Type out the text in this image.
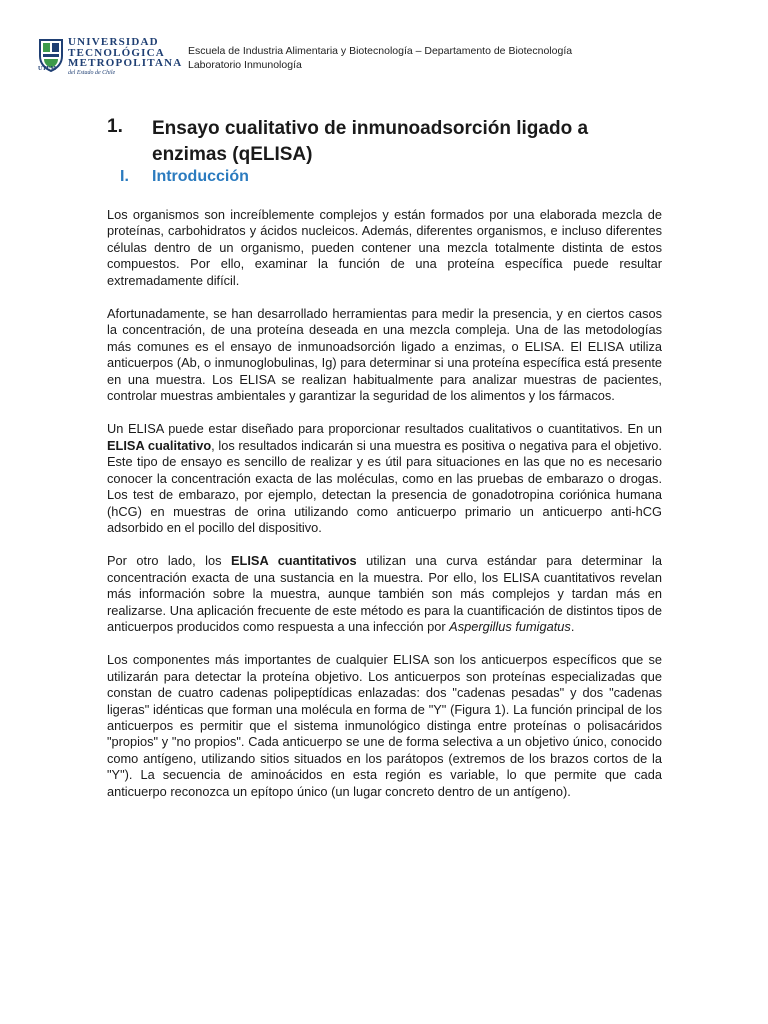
UNIVERSIDAD
TECNOLÓGICA
METROPOLITANA
del Estado de Chile
UTEM
Escuela de Industria Alimentaria y Biotecnología – Departamento de Biotecnología
Laboratorio Inmunología
1. Ensayo cualitativo de inmunoadsorción ligado a enzimas (qELISA)
I. Introducción

Los organismos son increíblemente complejos y están formados por una elaborada mezcla de proteínas, carbohidratos y ácidos nucleicos. Además, diferentes organismos, e incluso diferentes células dentro de un organismo, pueden contener una mezcla totalmente distinta de estos compuestos. Por ello, examinar la función de una proteína específica puede resultar extremadamente difícil.

Afortunadamente, se han desarrollado herramientas para medir la presencia, y en ciertos casos la concentración, de una proteína deseada en una mezcla compleja. Una de las metodologías más comunes es el ensayo de inmunoadsorción ligado a enzimas, o ELISA. El ELISA utiliza anticuerpos (Ab, o inmunoglobulinas, Ig) para determinar si una proteína específica está presente en una muestra. Los ELISA se realizan habitualmente para analizar muestras de pacientes, controlar muestras ambientales y garantizar la seguridad de los alimentos y los fármacos.

Un ELISA puede estar diseñado para proporcionar resultados cualitativos o cuantitativos. En un ELISA cualitativo, los resultados indicarán si una muestra es positiva o negativa para el objetivo. Este tipo de ensayo es sencillo de realizar y es útil para situaciones en las que no es necesario conocer la concentración exacta de las moléculas, como en las pruebas de embarazo o drogas. Los test de embarazo, por ejemplo, detectan la presencia de gonadotropina coriónica humana (hCG) en muestras de orina utilizando como anticuerpo primario un anticuerpo anti-hCG adsorbido en el pocillo del dispositivo.

Por otro lado, los ELISA cuantitativos utilizan una curva estándar para determinar la concentración exacta de una sustancia en la muestra. Por ello, los ELISA cuantitativos revelan más información sobre la muestra, aunque también son más complejos y tardan más en realizarse. Una aplicación frecuente de este método es para la cuantificación de distintos tipos de anticuerpos producidos como respuesta a una infección por Aspergillus fumigatus.

Los componentes más importantes de cualquier ELISA son los anticuerpos específicos que se utilizarán para detectar la proteína objetivo. Los anticuerpos son proteínas especializadas que constan de cuatro cadenas polipeptídicas enlazadas: dos "cadenas pesadas" y dos "cadenas ligeras" idénticas que forman una molécula en forma de "Y" (Figura 1). La función principal de los anticuerpos es permitir que el sistema inmunológico distinga entre proteínas o polisacáridos "propios" y "no propios". Cada anticuerpo se une de forma selectiva a un objetivo único, conocido como antígeno, utilizando sitios situados en los parátopos (extremos de los brazos cortos de la "Y"). La secuencia de aminoácidos en esta región es variable, lo que permite que cada anticuerpo reconozca un epítopo único (un lugar concreto dentro de un antígeno).
